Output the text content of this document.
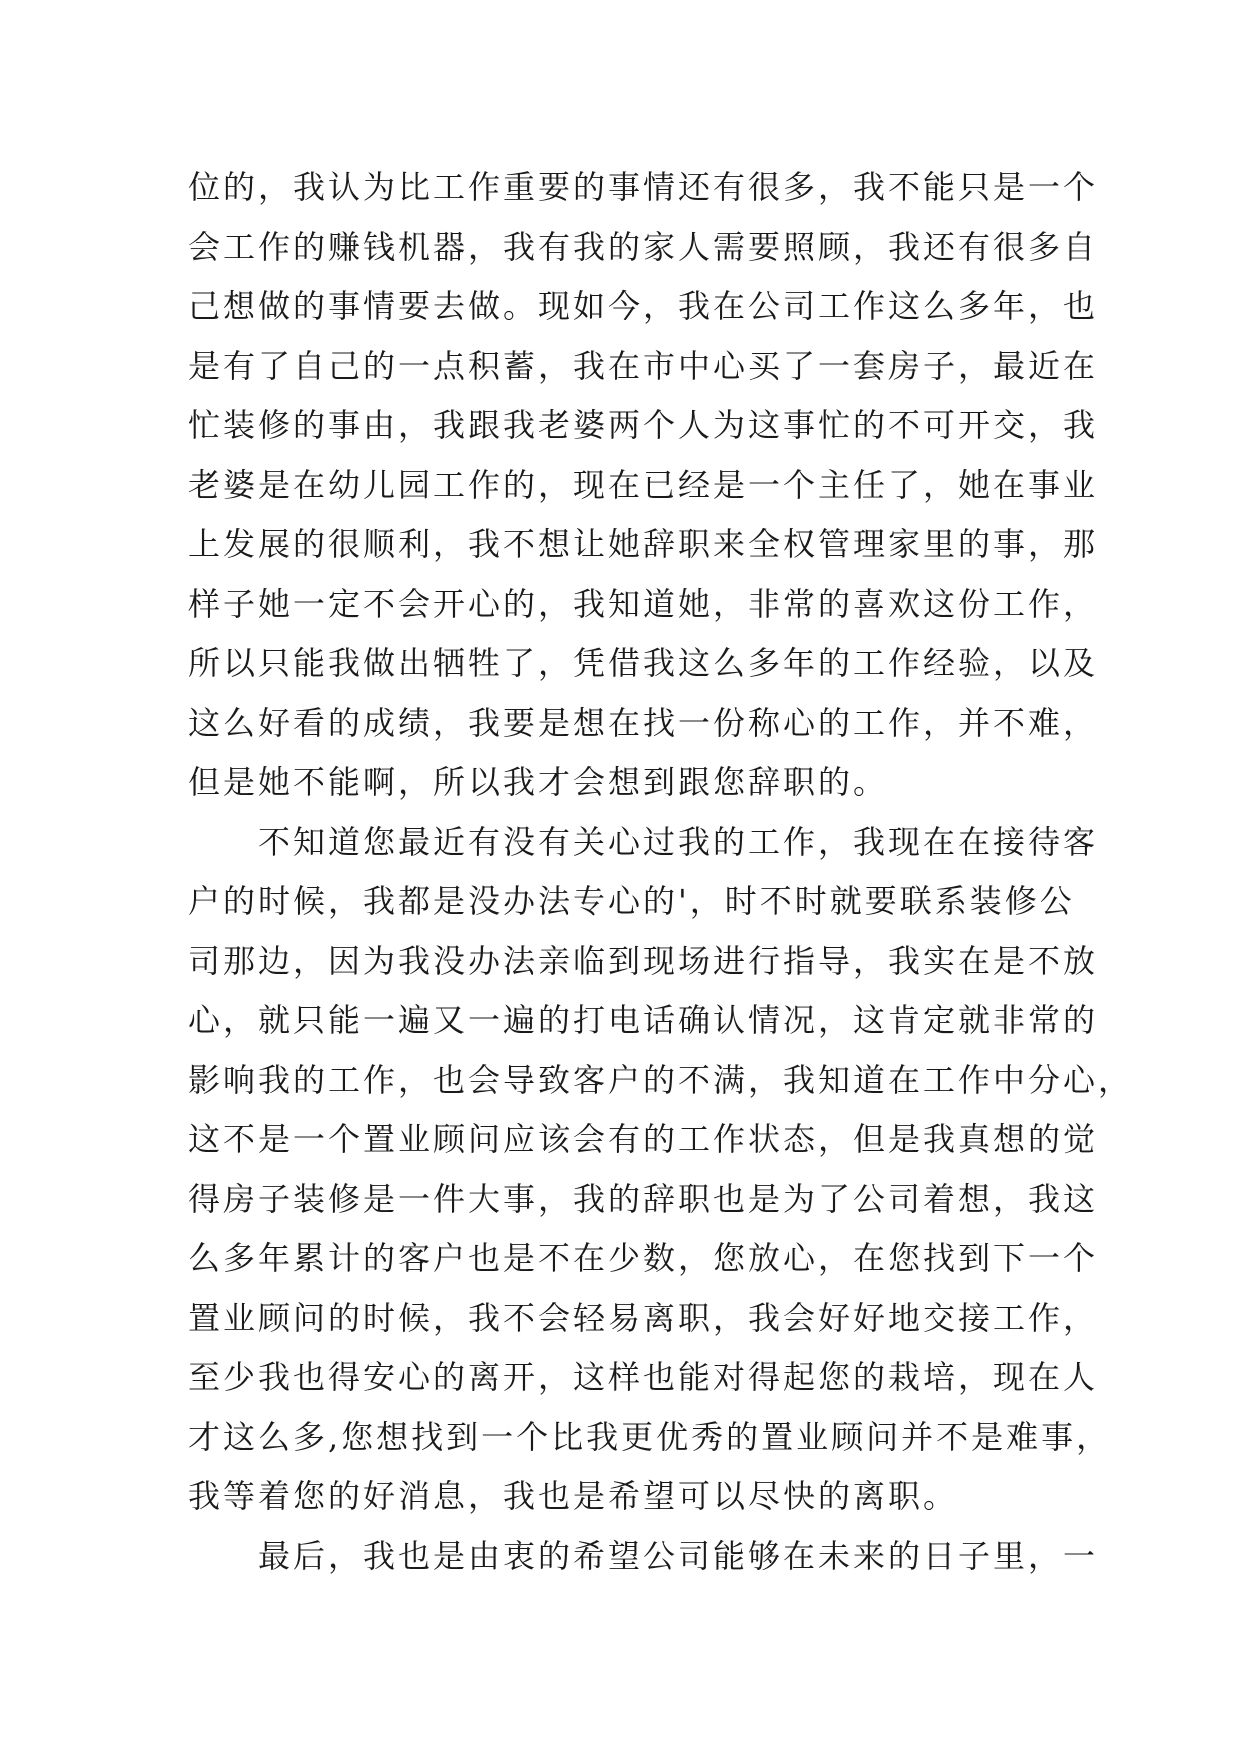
位的，我认为比工作重要的事情还有很多，我不能只是一个
会工作的赚钱机器，我有我的家人需要照顾，我还有很多自
己想做的事情要去做。现如今，我在公司工作这么多年，也
是有了自己的一点积蓄，我在市中心买了一套房子，最近在
忙装修的事由，我跟我老婆两个人为这事忙的不可开交，我
老婆是在幼儿园工作的，现在已经是一个主任了，她在事业
上发展的很顺利，我不想让她辞职来全权管理家里的事，那
样子她一定不会开心的，我知道她，非常的喜欢这份工作，
所以只能我做出牺牲了，凭借我这么多年的工作经验，以及
这么好看的成绩，我要是想在找一份称心的工作，并不难，
但是她不能啊，所以我才会想到跟您辞职的。
　　不知道您最近有没有关心过我的工作，我现在在接待客
户的时候，我都是没办法专心的'，时不时就要联系装修公
司那边，因为我没办法亲临到现场进行指导，我实在是不放
心，就只能一遍又一遍的打电话确认情况，这肯定就非常的
影响我的工作，也会导致客户的不满，我知道在工作中分心，
这不是一个置业顾问应该会有的工作状态，但是我真想的觉
得房子装修是一件大事，我的辞职也是为了公司着想，我这
么多年累计的客户也是不在少数，您放心，在您找到下一个
置业顾问的时候，我不会轻易离职，我会好好地交接工作，
至少我也得安心的离开，这样也能对得起您的栽培，现在人
才这么多,您想找到一个比我更优秀的置业顾问并不是难事，
我等着您的好消息，我也是希望可以尽快的离职。
　　最后，我也是由衷的希望公司能够在未来的日子里，一
